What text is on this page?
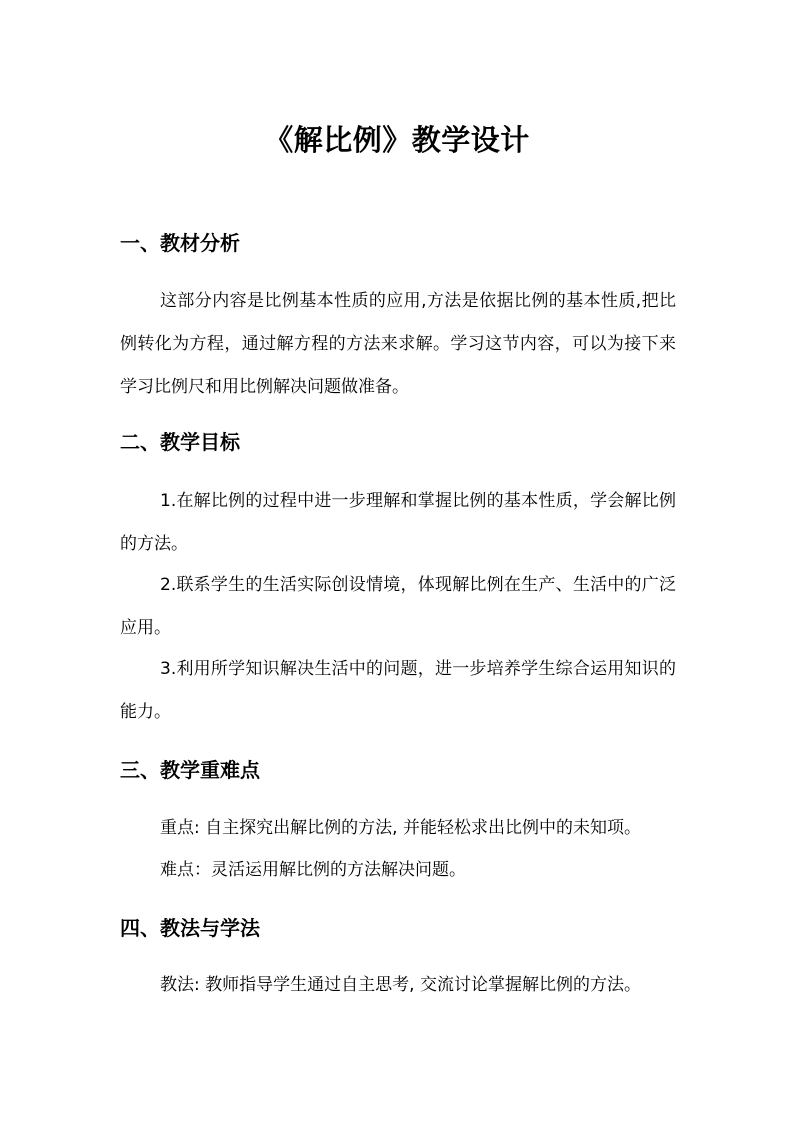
《解比例》教学设计
一、教材分析
这部分内容是比例基本性质的应用,方法是依据比例的基本性质,把比例转化为方程，通过解方程的方法来求解。学习这节内容，可以为接下来学习比例尺和用比例解决问题做准备。
二、教学目标
1.在解比例的过程中进一步理解和掌握比例的基本性质，学会解比例的方法。
2.联系学生的生活实际创设情境，体现解比例在生产、生活中的广泛应用。
3.利用所学知识解决生活中的问题，进一步培养学生综合运用知识的能力。
三、教学重难点
重点: 自主探究出解比例的方法, 并能轻松求出比例中的未知项。
难点：灵活运用解比例的方法解决问题。
四、教法与学法
教法: 教师指导学生通过自主思考, 交流讨论掌握解比例的方法。
